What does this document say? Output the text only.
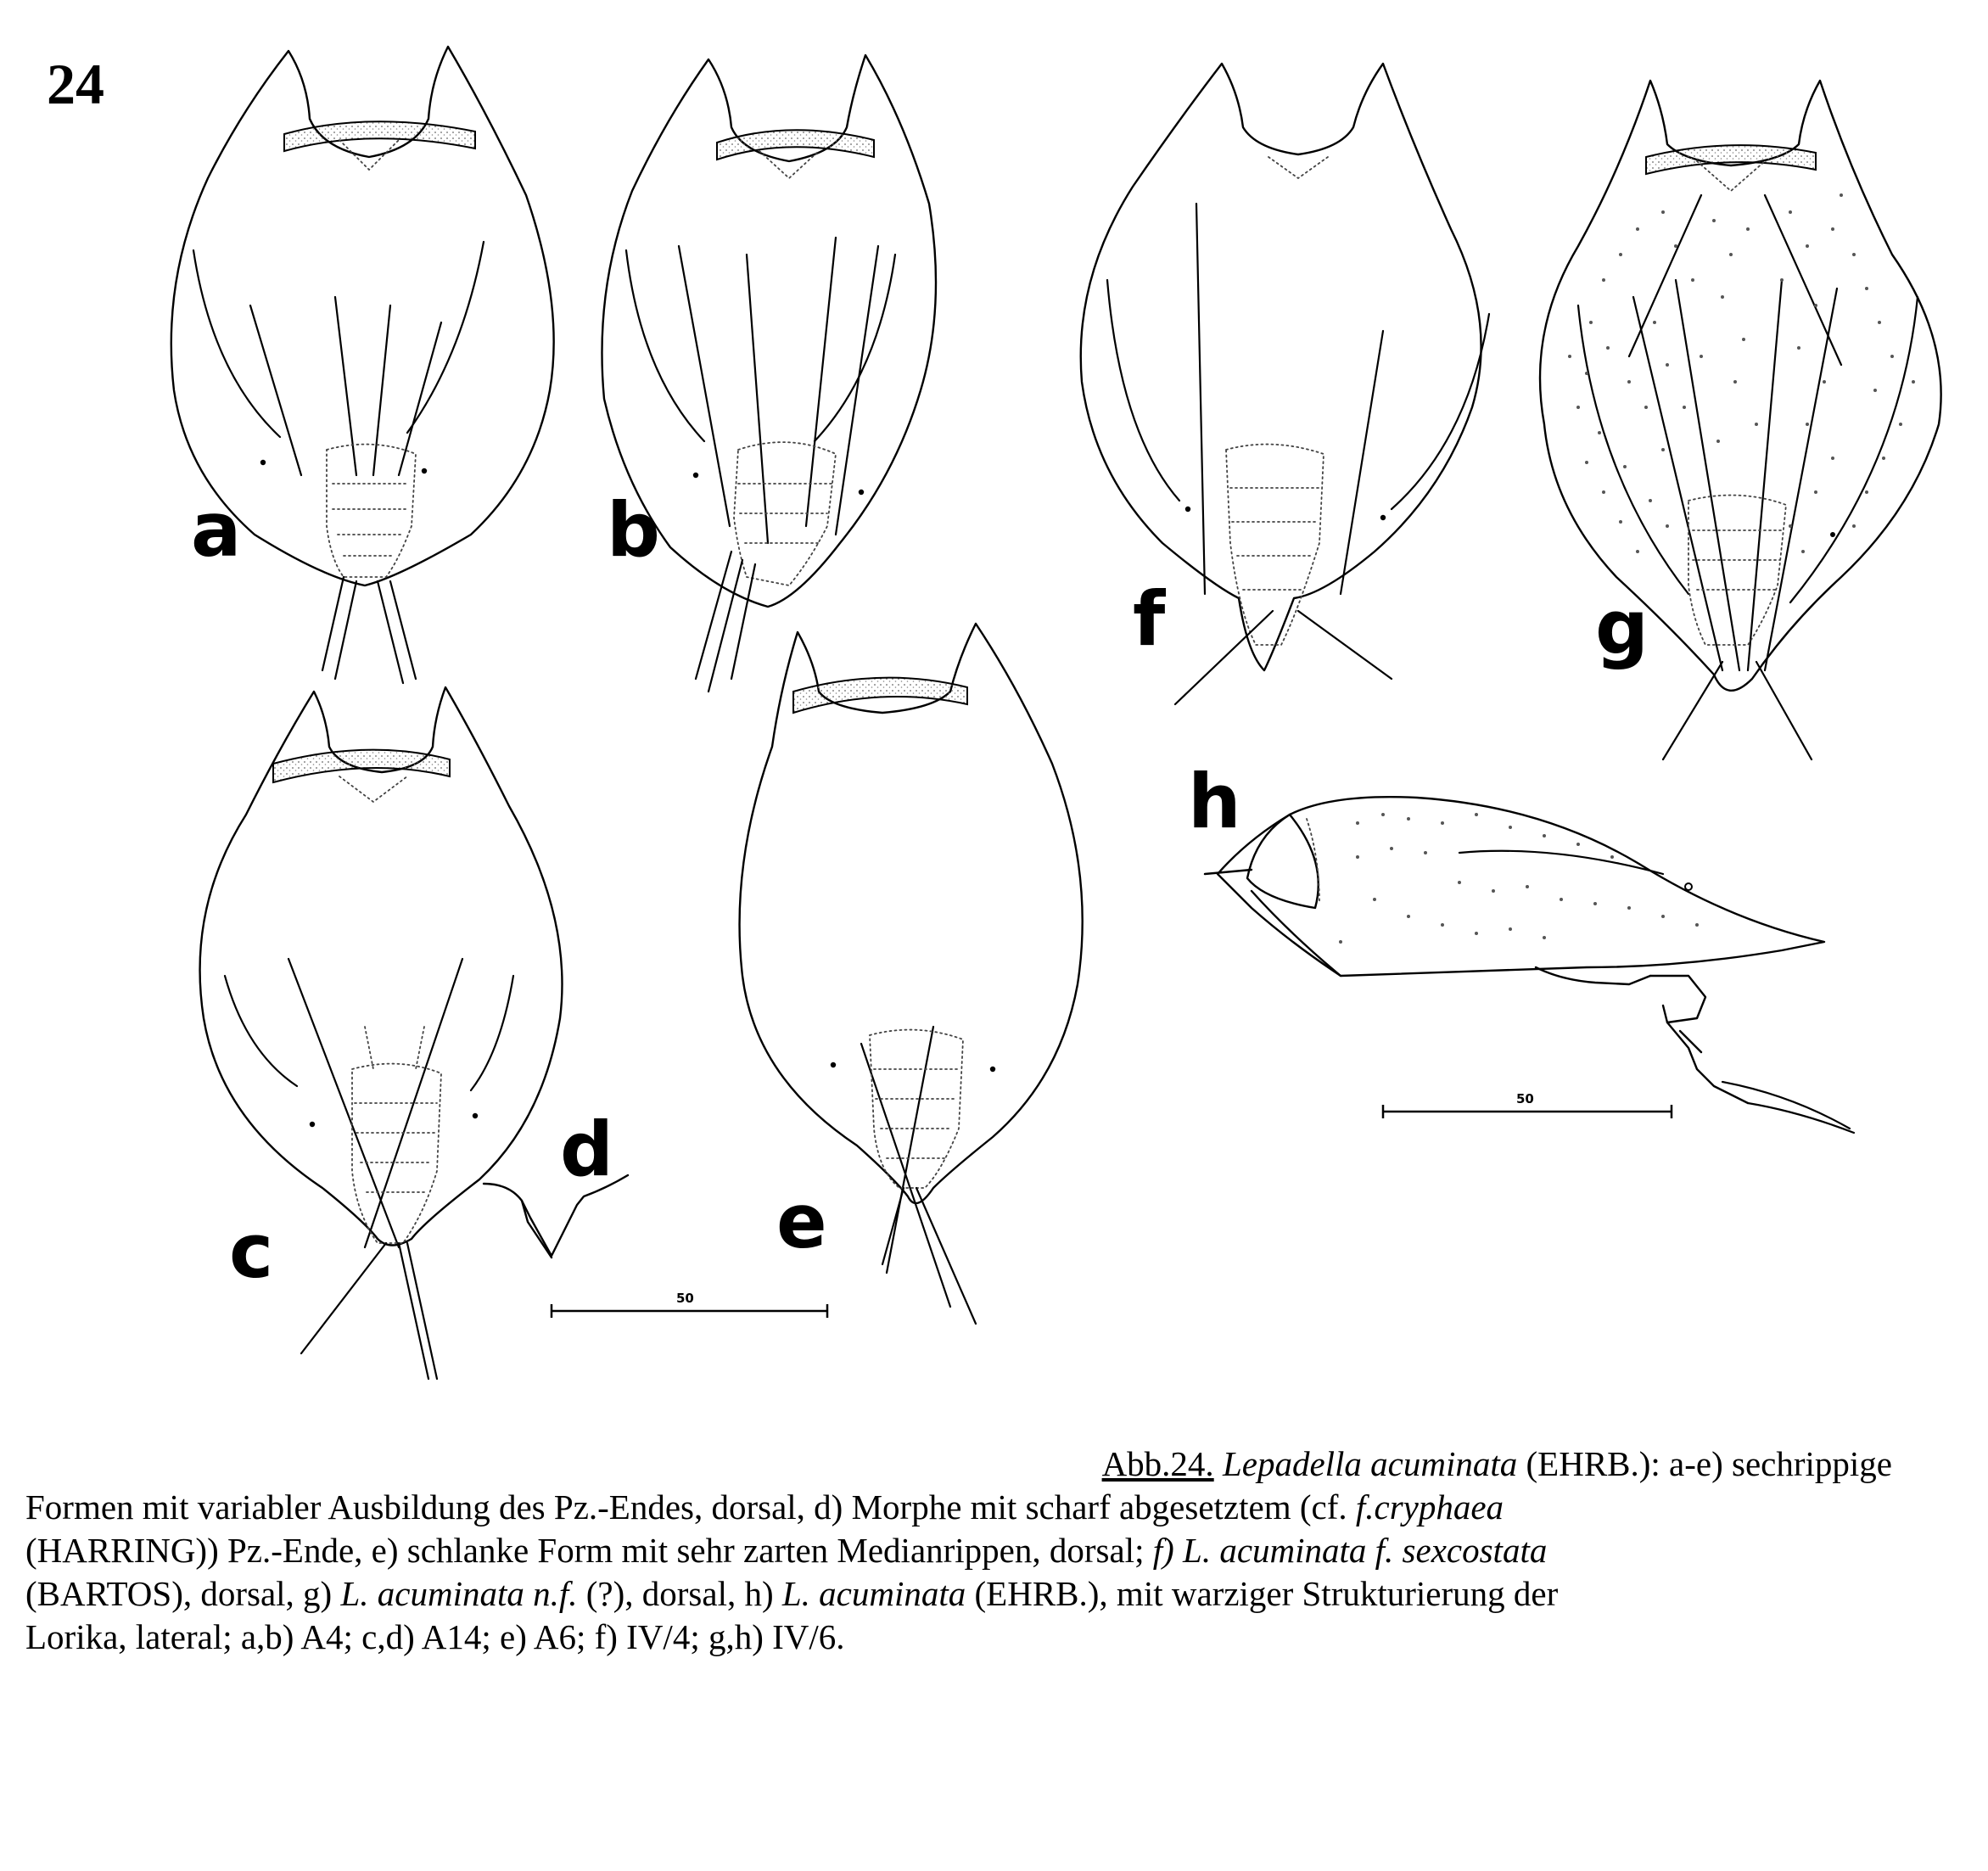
24
a	b
f	g
c
d
e
h
50
50
Abb.24. Lepadella acuminata (EHRB.): a-e) sechrippige
Formen mit variabler Ausbildung des Pz.-Endes, dorsal, d) Morphe mit scharf abgesetztem (cf. f.cryphaea
(HARRING)) Pz.-Ende, e) schlanke Form mit sehr zarten Medianrippen, dorsal; f) L. acuminata f. sexcostata
(BARTOS), dorsal, g) L. acuminata n.f. (?), dorsal, h) L. acuminata (EHRB.), mit warziger Strukturierung der
Lorika, lateral; a,b) A4; c,d) A14; e) A6; f) IV/4; g,h) IV/6.
